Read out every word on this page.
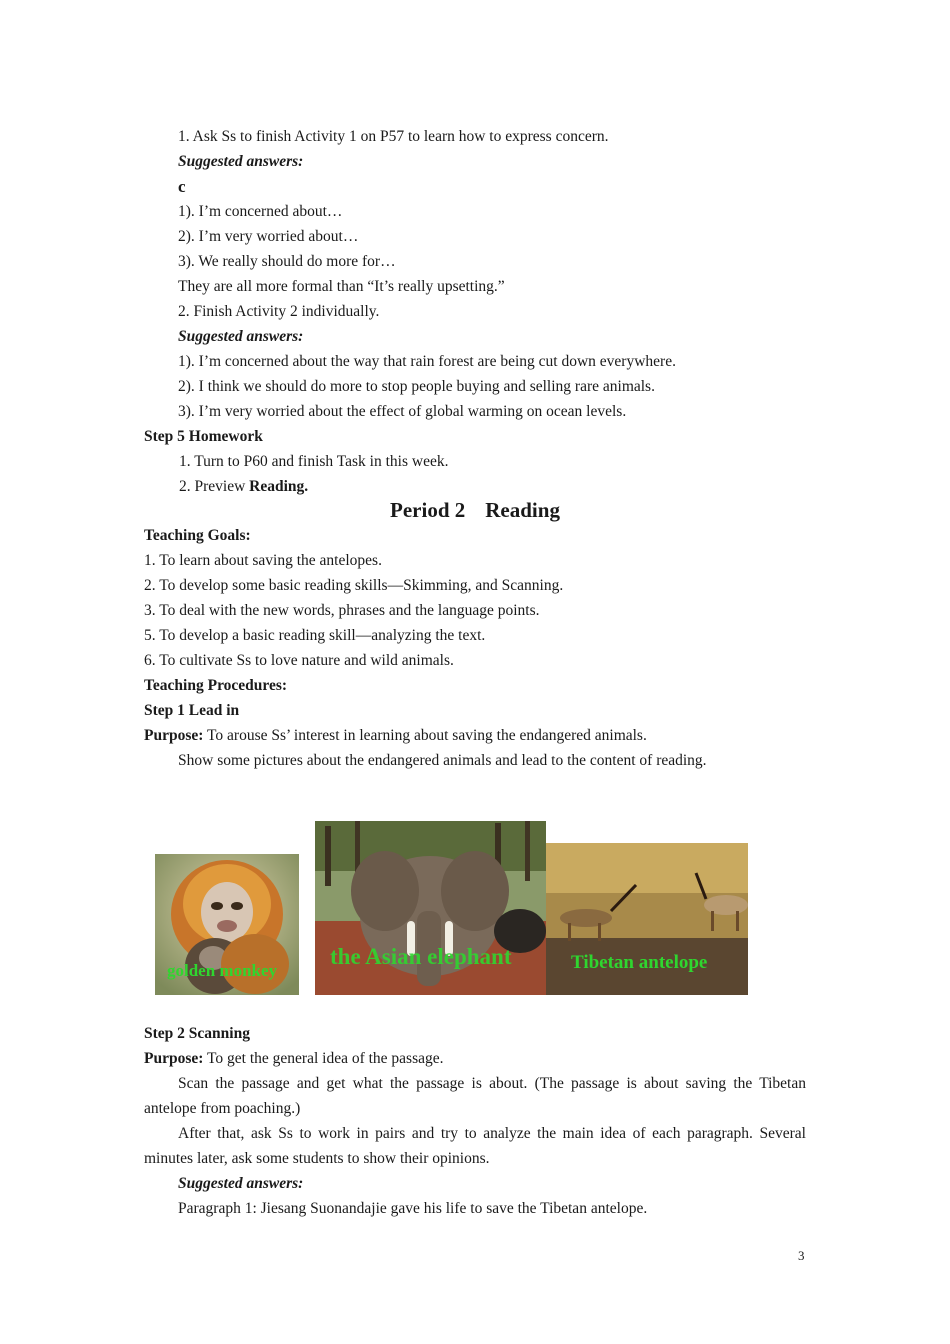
1. Ask Ss to finish Activity 1 on P57 to learn how to express concern.
Suggested answers:
c
1). I’m concerned about…
2). I’m very worried about…
3). We really should do more for…
They are all more formal than “It’s really upsetting.”
2. Finish Activity 2 individually.
Suggested answers:
1). I’m concerned about the way that rain forest are being cut down everywhere.
2). I think we should do more to stop people buying and selling rare animals.
3). I’m very worried about the effect of global warming on ocean levels.
Step 5 Homework
1. Turn to P60 and finish Task in this week.
2. Preview Reading.
Period 2 Reading
Teaching Goals:
1. To learn about saving the antelopes.
2. To develop some basic reading skills—Skimming, and Scanning.
3. To deal with the new words, phrases and the language points.
5. To develop a basic reading skill—analyzing the text.
6. To cultivate Ss to love nature and wild animals.
Teaching Procedures:
Step 1 Lead in
Purpose: To arouse Ss’ interest in learning about saving the endangered animals.
Show some pictures about the endangered animals and lead to the content of reading.
golden monkey
the Asian elephant	Tibetan antelope
Step 2 Scanning
Purpose: To get the general idea of the passage.
Scan the passage and get what the passage is about. (The passage is about saving the Tibetan antelope from poaching.)
After that, ask Ss to work in pairs and try to analyze the main idea of each paragraph. Several minutes later, ask some students to show their opinions.
Suggested answers:
Paragraph 1: Jiesang Suonandajie gave his life to save the Tibetan antelope.
3
